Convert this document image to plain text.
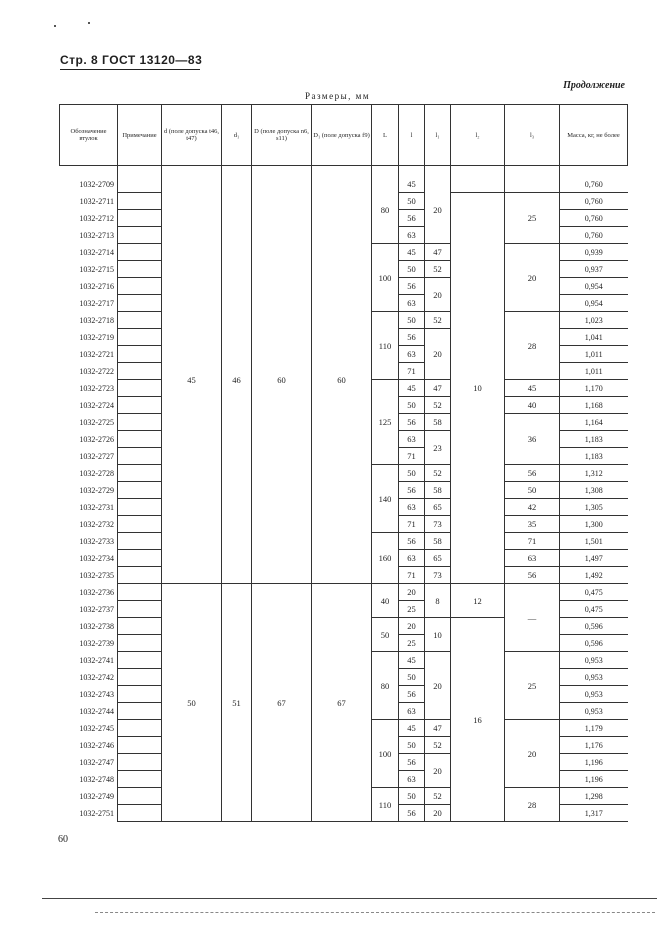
Стр. 8 ГОСТ 13120—83
Продолжение
Размеры, мм
Обозначение втулок	Примечание	d (поле допуска t46, t47)	d₁	D (поле допуска n6, s11)	D₁ (поле допуска f9)	L	l	l₁	l₂	l₃	Масса, кг, не более

1032-2709		45	46	60	60	80	45	20			0,760
1032-2711							50		10	25	0,760
1032-2712							56				0,760
1032-2713							63				0,760
1032-2714						100	45	47		20	0,939
1032-2715							50	52			0,937
1032-2716							56	20			0,954
1032-2717							63				0,954
1032-2718						110	50	52		28	1,023
1032-2719							56	20			1,041
1032-2721							63				1,011
1032-2722							71				1,011
1032-2723						125	45	47		45	1,170
1032-2724							50	52		40	1,168
1032-2725							56	58		36	1,164
1032-2726							63	23			1,183
1032-2727							71				1,183
1032-2728						140	50	52		56	1,312
1032-2729							56	58		50	1,308
1032-2731							63	65		42	1,305
1032-2732							71	73		35	1,300
1032-2733						160	56	58		71	1,501
1032-2734							63	65		63	1,497
1032-2735							71	73		56	1,492
1032-2736		50	51	67	67	40	20	8	12	—	0,475
1032-2737							25				0,475
1032-2738						50	20	10	16		0,596
1032-2739							25				0,596
1032-2741						80	45	20		25	0,953
1032-2742							50				0,953
1032-2743							56				0,953
1032-2744							63				0,953
1032-2745						100	45	47		20	1,179
1032-2746							50	52			1,176
1032-2747							56	20			1,196
1032-2748							63				1,196
1032-2749						110	50	52		28	1,298
1032-2751							56	20			1,317
60
